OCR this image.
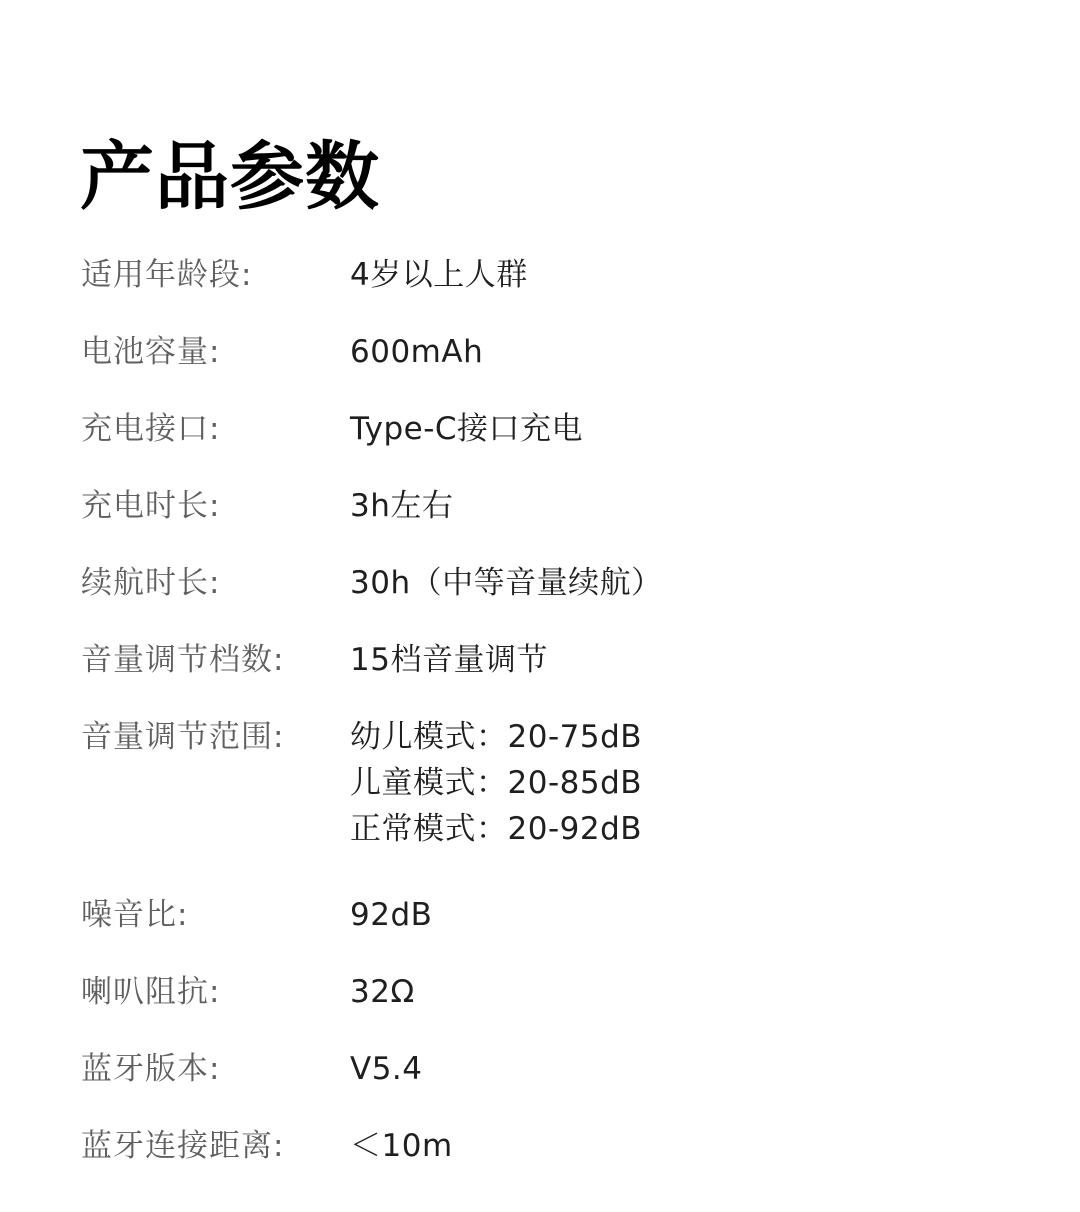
产品参数
适用年龄段:	4岁以上人群
电池容量:	600mAh
充电接口:	Type-C接口充电
充电时长:	3h左右
续航时长:	30h（中等音量续航）
音量调节档数: 15档音量调节
音量调节范围: 幼儿模式：20-75dB
儿童模式：20-85dB
正常模式：20-92dB
噪音比:	92dB
喇叭阻抗:	32Ω
蓝牙版本:	V5.4
蓝牙连接距离: ＜10m
